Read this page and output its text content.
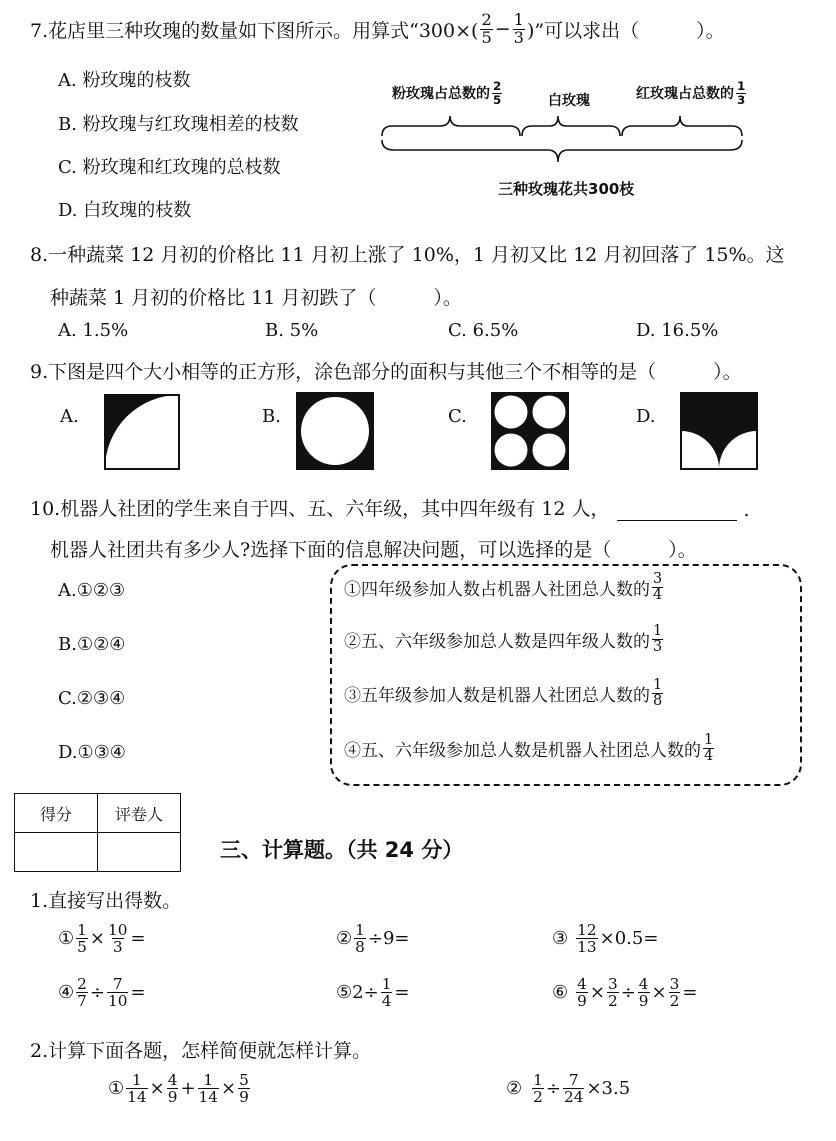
7.花店里三种玫瑰的数量如下图所示。用算式“$300\times( \frac{2}{5} - \frac{1}{3}$ )”可以求出（　　　）。
A. 粉玫瑰的枝数
B. 粉玫瑰与红玫瑰相差的枝数
C. 粉玫瑰和红玫瑰的总枝数
D. 白玫瑰的枝数
粉玫瑰占总数的 $\frac{2}{5}$	白玫瑰	红玫瑰占总数的 $\frac{1}{3}$
三种玫瑰花共300枝
8.一种蔬菜 12 月初的价格比 11 月初上涨了 10%，1 月初又比 12 月初回落了 15%。这
种蔬菜 1 月初的价格比 11 月初跌了（　　　）。
A. 1.5%	B. 5%	C. 6.5%	D. 16.5%
9.下图是四个大小相等的正方形，涂色部分的面积与其他三个不相等的是（　　　）。
A.	B.	C.	D.
10.机器人社团的学生来自于四、五、六年级，其中四年级有 12 人，	.
机器人社团共有多少人?选择下面的信息解决问题，可以选择的是（　　　）。
A.①②③
B.①②④
C.②③④
D.①③④
①四年级参加人数占机器人社团总人数的 $\frac{3}{4}$
②五、六年级参加总人数是四年级人数的 $\frac{1}{3}$
③五年级参加人数是机器人社团总人数的 $\frac{1}{8}$
④五、六年级参加总人数是机器人社团总人数的 $\frac{1}{4}$
得分	评卷人

三、计算题。（共 24 分）
1.直接写出得数。
① $\frac{1}{5} \times \frac{10}{3}$ =	② $\frac{1}{8} \div 9$ =	③ $\frac{12}{13} \times 0.5$ =
④ $\frac{2}{7} \div \frac{7}{10}$ =	⑤ $2 \div \frac{1}{4}$ =	⑥ $\frac{4}{9} \times \frac{3}{2} \div \frac{4}{9} \times \frac{3}{2}$ =
2.计算下面各题，怎样简便就怎样计算。
① $\frac{1}{14} \times \frac{4}{9} + \frac{1}{14} \times \frac{5}{9}$	② $\frac{1}{2} \div \frac{7}{24} \times 3.5$
